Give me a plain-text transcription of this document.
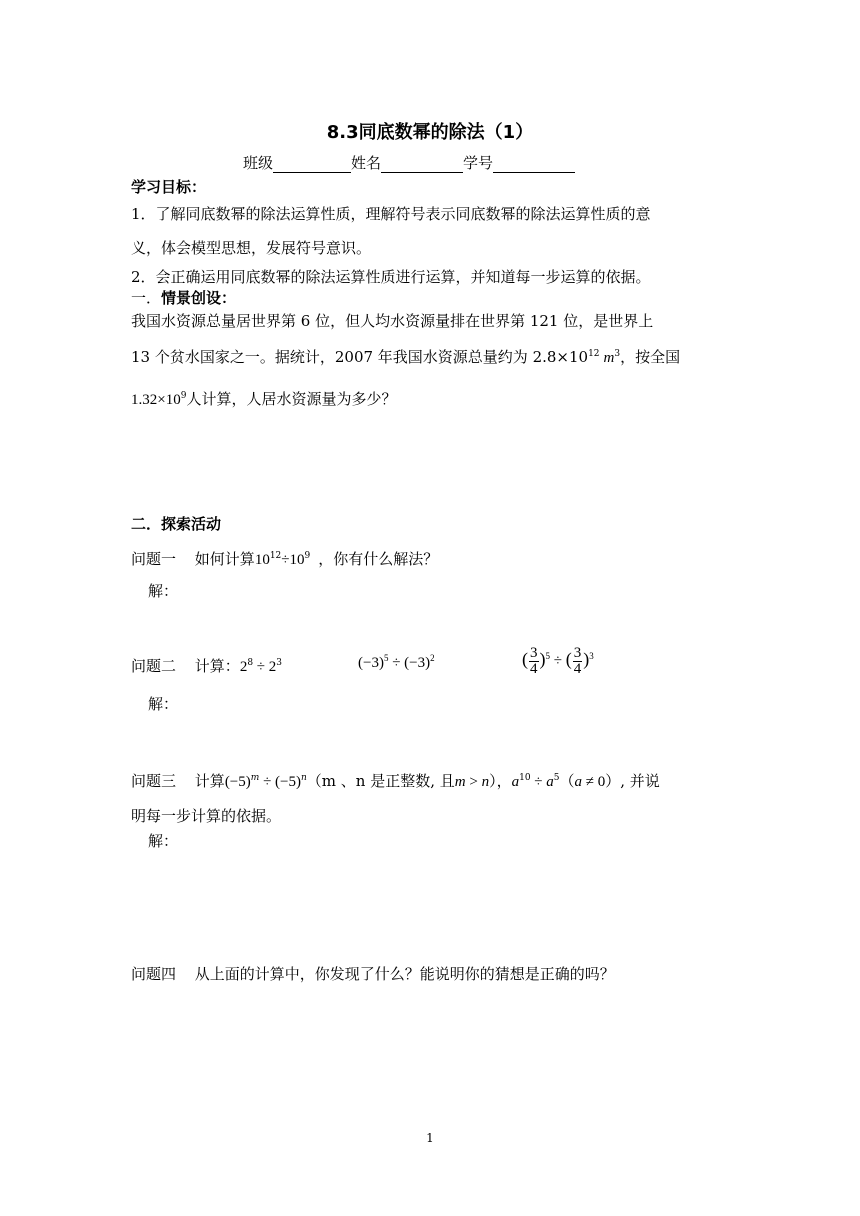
8.3同底数幂的除法（1）
班级	姓名	学号
学习目标：
1．了解同底数幂的除法运算性质，理解符号表示同底数幂的除法运算性质的意
义，体会模型思想，发展符号意识。
2．会正确运用同底数幂的除法运算性质进行运算，并知道每一步运算的依据。
一．情景创设：
我国水资源总量居世界第 6 位，但人均水资源量排在世界第 121 位，是世界上
13 个贫水国家之一。据统计，2007 年我国水资源总量约为 $2.8\times 10^{12}$ $m^3$，按全国
$1.32\times 10^9$人计算，人居水资源量为多少？
二．探索活动
问题一 如何计算$10^{12}\div 10^9$ ，你有什么解法？
解：
问题二 计算：$2^8 \div 2^3$	$(-3)^5 \div (-3)^2$	( $\frac{3}{4} )^5$ ÷ ( $\frac{3}{4} )^3$
解：
问题三 计算$(-5)^m \div (-5)^n(m$ 、n 是正整数, 且m > n），$a^{10} \div a^5(a \ne 0)$, 并说
明每一步计算的依据。
解：
问题四 从上面的计算中，你发现了什么？能说明你的猜想是正确的吗？
1
